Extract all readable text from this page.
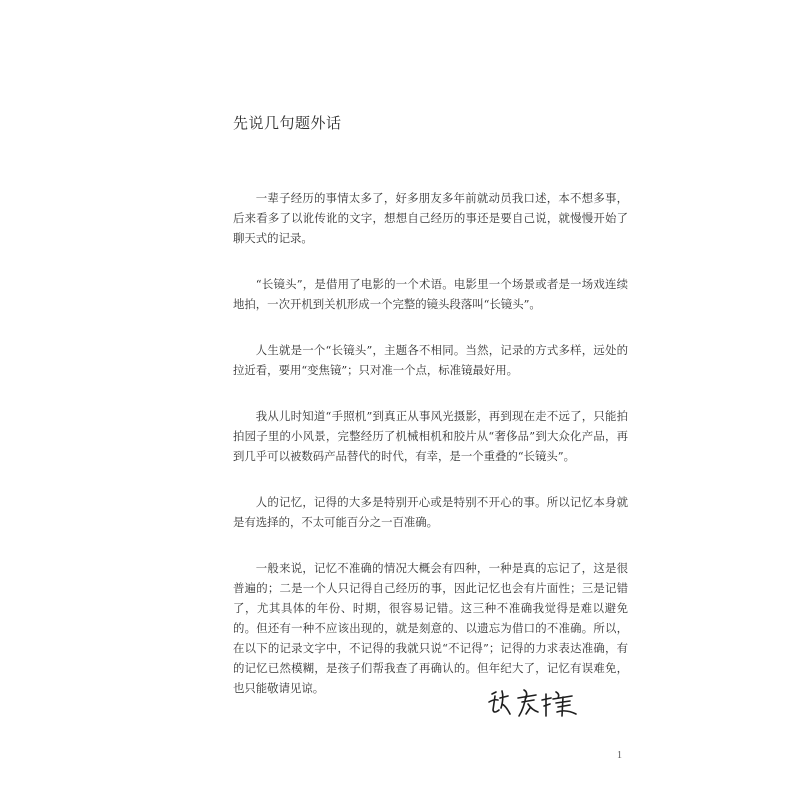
先说几句题外话

一辈子经历的事情太多了，好多朋友多年前就动员我口述，本不想多事，后来看多了以讹传讹的文字，想想自己经历的事还是要自己说，就慢慢开始了聊天式的记录。

“长镜头”，是借用了电影的一个术语。电影里一个场景或者是一场戏连续地拍，一次开机到关机形成一个完整的镜头段落叫“长镜头”。

人生就是一个“长镜头”，主题各不相同。当然，记录的方式多样，远处的拉近看，要用“变焦镜”；只对准一个点，标准镜最好用。

我从儿时知道“手照机”到真正从事风光摄影，再到现在走不远了，只能拍拍园子里的小风景，完整经历了机械相机和胶片从“奢侈品”到大众化产品，再到几乎可以被数码产品替代的时代，有幸，是一个重叠的“长镜头”。

人的记忆，记得的大多是特别开心或是特别不开心的事。所以记忆本身就是有选择的，不太可能百分之一百准确。

一般来说，记忆不准确的情况大概会有四种，一种是真的忘记了，这是很普遍的；二是一个人只记得自己经历的事，因此记忆也会有片面性；三是记错了，尤其具体的年份、时期，很容易记错。这三种不准确我觉得是难以避免的。但还有一种不应该出现的，就是刻意的、以遗忘为借口的不准确。所以，在以下的记录文字中，不记得的我就只说“不记得”；记得的力求表达准确，有的记忆已然模糊，是孩子们帮我查了再确认的。但年纪大了，记忆有误难免，也只能敬请见谅。

1
